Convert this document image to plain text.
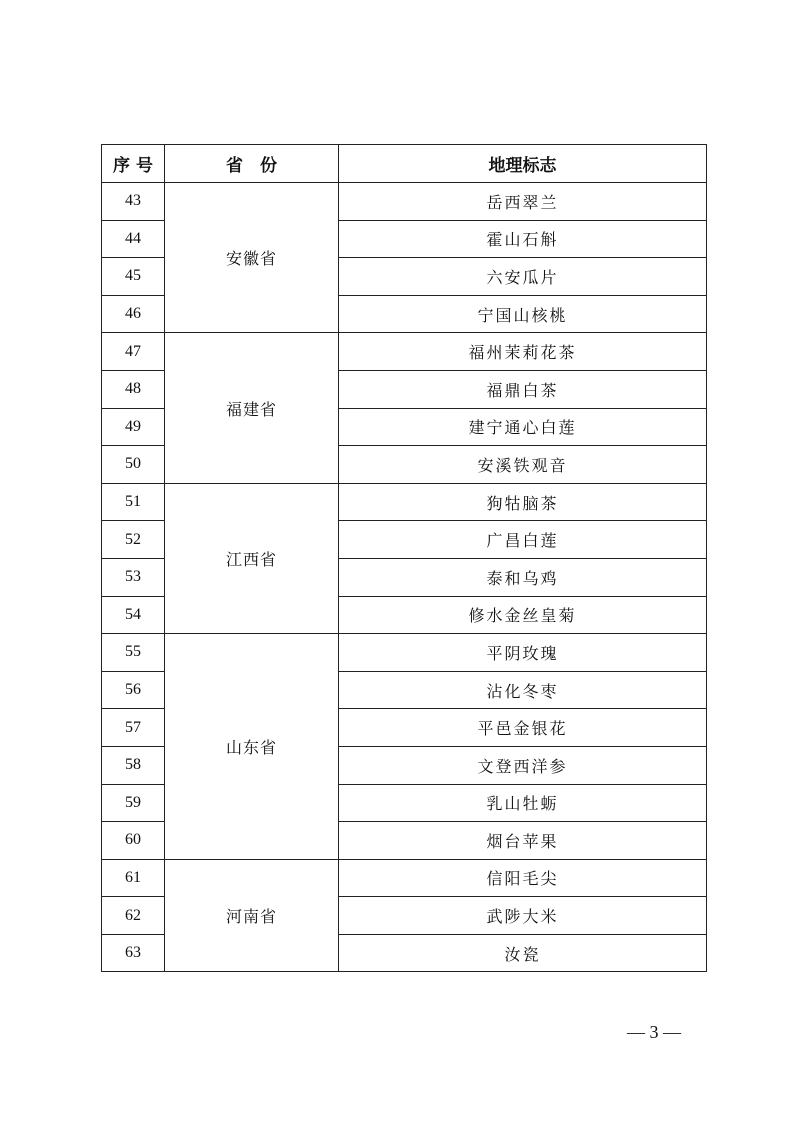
序 号	省　份	地理标志
43	安徽省	岳西翠兰
44		霍山石斛
45		六安瓜片
46		宁国山核桃
47	福建省	福州茉莉花茶
48		福鼎白茶
49		建宁通心白莲
50		安溪铁观音
51	江西省	狗牯脑茶
52		广昌白莲
53		泰和乌鸡
54		修水金丝皇菊
55	山东省	平阴玫瑰
56		沾化冬枣
57		平邑金银花
58		文登西洋参
59		乳山牡蛎
60		烟台苹果
61	河南省	信阳毛尖
62		武陟大米
63		汝瓷
— 3 —
